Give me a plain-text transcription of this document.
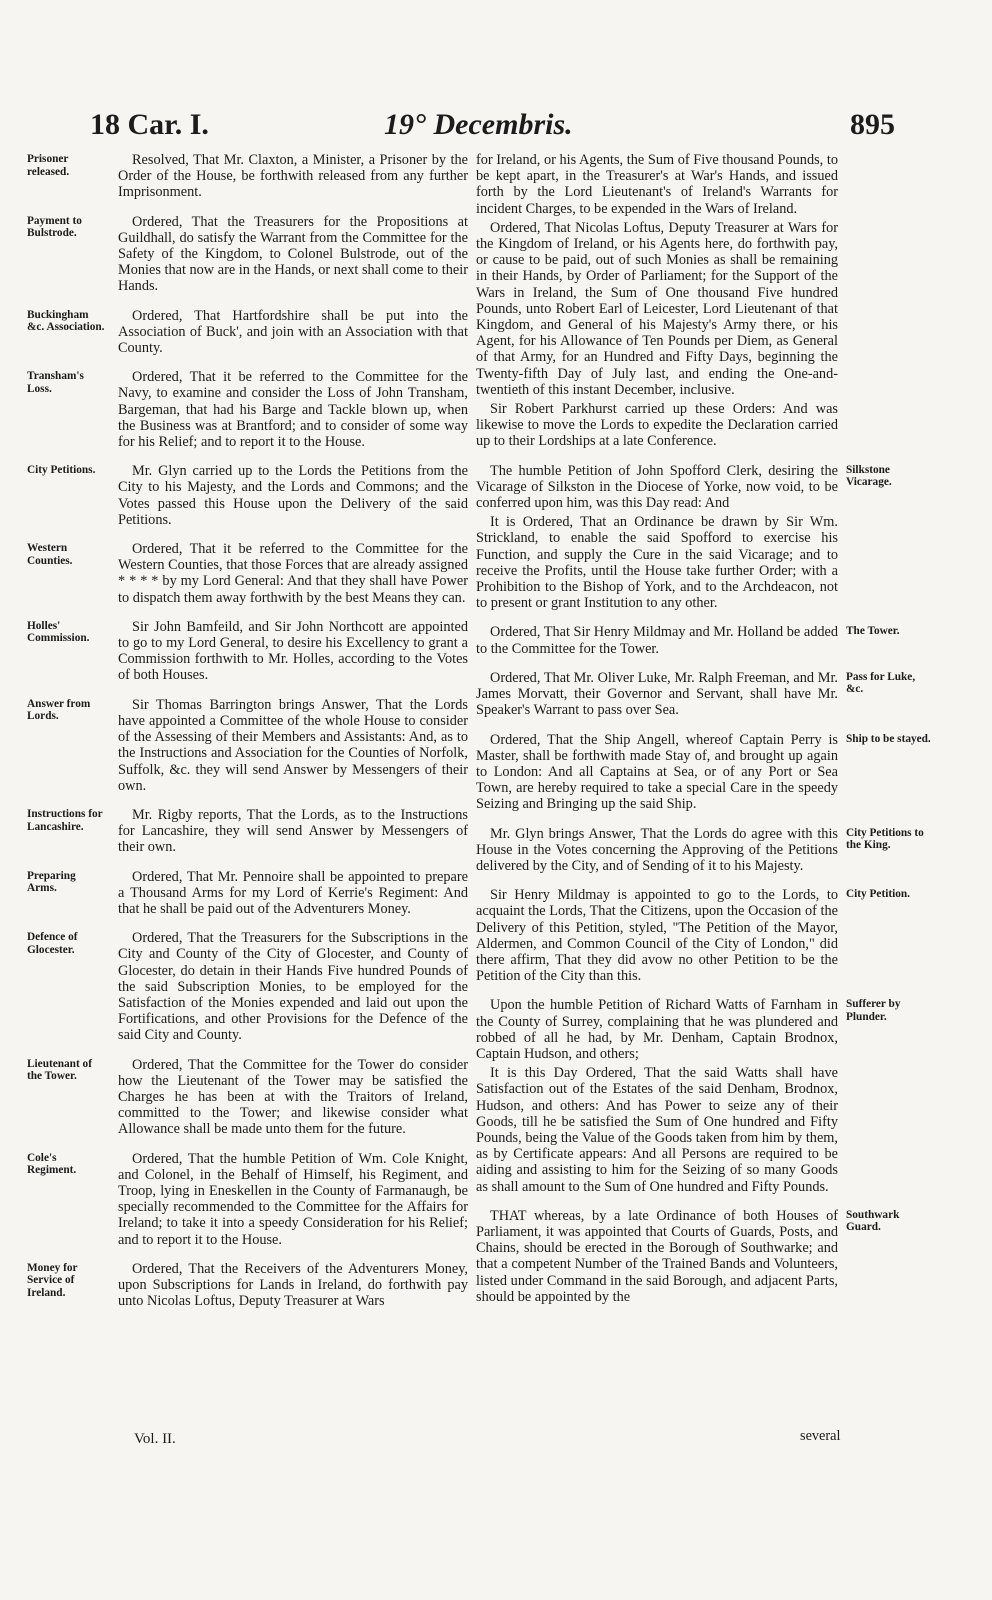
18 Car. I.	19° Decembris.	895

Resolved, That Mr. Claxton, a Minister, a Prisoner by the Order of the House, be forthwith released from any further Imprisonment.

Ordered, That the Treasurers for the Propositions at Guildhall, do satisfy the Warrant from the Committee for the Safety of the Kingdom, to Colonel Bulstrode, out of the Monies that now are in the Hands, or next shall come to their Hands.

Ordered, That Hartfordshire shall be put into the Association of Buck', and join with an Association with that County.

Ordered, That it be referred to the Committee for the Navy, to examine and consider the Loss of John Transham, Bargeman, that had his Barge and Tackle blown up, when the Business was at Brantford; and to consider of some way for his Relief; and to report it to the House.

Mr. Glyn carried up to the Lords the Petitions from the City to his Majesty, and the Lords and Commons; and the Votes passed this House upon the Delivery of the said Petitions.

Ordered, That it be referred to the Committee for the Western Counties, that those Forces that are already assigned * * * * by my Lord General: And that they shall have Power to dispatch them away forthwith by the best Means they can.

Sir John Bamfeild, and Sir John Northcott are appointed to go to my Lord General, to desire his Excellency to grant a Commission forthwith to Mr. Holles, according to the Votes of both Houses.

Sir Thomas Barrington brings Answer, That the Lords have appointed a Committee of the whole House to consider of the Assessing of their Members and Assistants: And, as to the Instructions and Association for the Counties of Norfolk, Suffolk, &c. they will send Answer by Messengers of their own.

Mr. Rigby reports, That the Lords, as to the Instructions for Lancashire, they will send Answer by Messengers of their own.

Ordered, That Mr. Pennoire shall be appointed to prepare a Thousand Arms for my Lord of Kerrie's Regiment: And that he shall be paid out of the Adventurers Money.

Ordered, That the Treasurers for the Subscriptions in the City and County of the City of Glocester, and County of Glocester, do detain in their Hands Five hundred Pounds of the said Subscription Monies, to be employed for the Satisfaction of the Monies expended and laid out upon the Fortifications, and other Provisions for the Defence of the said City and County.

Ordered, That the Committee for the Tower do consider how the Lieutenant of the Tower may be satisfied the Charges he has been at with the Traitors of Ireland, committed to the Tower; and likewise consider what Allowance shall be made unto them for the future.

Ordered, That the humble Petition of Wm. Cole Knight, and Colonel, in the Behalf of Himself, his Regiment, and Troop, lying in Eneskellen in the County of Farmanaugh, be specially recommended to the Committee for the Affairs for Ireland; to take it into a speedy Consideration for his Relief; and to report it to the House.

Ordered, That the Receivers of the Adventurers Money, upon Subscriptions for Lands in Ireland, do forthwith pay unto Nicolas Loftus, Deputy Treasurer at Wars

for Ireland, or his Agents, the Sum of Five thousand Pounds, to be kept apart, in the Treasurer's at War's Hands, and issued forth by the Lord Lieutenant's of Ireland's Warrants for incident Charges, to be expended in the Wars of Ireland.

Ordered, That Nicolas Loftus, Deputy Treasurer at Wars for the Kingdom of Ireland, or his Agents here, do forthwith pay, or cause to be paid, out of such Monies as shall be remaining in their Hands, by Order of Parliament; for the Support of the Wars in Ireland, the Sum of One thousand Five hundred Pounds, unto Robert Earl of Leicester, Lord Lieutenant of that Kingdom, and General of his Majesty's Army there, or his Agent, for his Allowance of Ten Pounds per Diem, as General of that Army, for an Hundred and Fifty Days, beginning the Twenty-fifth Day of July last, and ending the One-and-twentieth of this instant December, inclusive.

Sir Robert Parkhurst carried up these Orders: And was likewise to move the Lords to expedite the Declaration carried up to their Lordships at a late Conference.

The humble Petition of John Spofford Clerk, desiring the Vicarage of Silkston in the Diocese of Yorke, now void, to be conferred upon him, was this Day read: And

It is Ordered, That an Ordinance be drawn by Sir Wm. Strickland, to enable the said Spofford to exercise his Function, and supply the Cure in the said Vicarage; and to receive the Profits, until the House take further Order; with a Prohibition to the Bishop of York, and to the Archdeacon, not to present or grant Institution to any other.

Ordered, That Sir Henry Mildmay and Mr. Holland be added to the Committee for the Tower.

Ordered, That Mr. Oliver Luke, Mr. Ralph Freeman, and Mr. James Morvatt, their Governor and Servant, shall have Mr. Speaker's Warrant to pass over Sea.

Ordered, That the Ship Angell, whereof Captain Perry is Master, shall be forthwith made Stay of, and brought up again to London: And all Captains at Sea, or of any Port or Sea Town, are hereby required to take a special Care in the speedy Seizing and Bringing up the said Ship.

Mr. Glyn brings Answer, That the Lords do agree with this House in the Votes concerning the Approving of the Petitions delivered by the City, and of Sending of it to his Majesty.

Sir Henry Mildmay is appointed to go to the Lords, to acquaint the Lords, That the Citizens, upon the Occasion of the Delivery of this Petition, styled, "The Petition of the Mayor, Aldermen, and Common Council of the City of London," did there affirm, That they did avow no other Petition to be the Petition of the City than this.

Upon the humble Petition of Richard Watts of Farnham in the County of Surrey, complaining that he was plundered and robbed of all he had, by Mr. Denham, Captain Brodnox, Captain Hudson, and others;

It is this Day Ordered, That the said Watts shall have Satisfaction out of the Estates of the said Denham, Brodnox, Hudson, and others: And has Power to seize any of their Goods, till he be satisfied the Sum of One hundred and Fifty Pounds, being the Value of the Goods taken from him by them, as by Certificate appears: And all Persons are required to be aiding and assisting to him for the Seizing of so many Goods as shall amount to the Sum of One hundred and Fifty Pounds.

THAT whereas, by a late Ordinance of both Houses of Parliament, it was appointed that Courts of Guards, Posts, and Chains, should be erected in the Borough of Southwarke; and that a competent Number of the Trained Bands and Volunteers, listed under Command in the said Borough, and adjacent Parts, should be appointed by the

Prisoner released.
Payment to Bulstrode.
Buckingham &c. Association.
Transham's Loss.
City Petitions.
Western Counties.
Holles' Commission.
Answer from Lords.
Instructions for Lancashire.
Preparing Arms.
Defence of Glocester.
Lieutenant of the Tower.
Cole's Regiment.
Money for Service of Ireland.
Silkstone Vicarage.
The Tower.
Pass for Luke, &c.
Ship to be stayed.
City Petitions to the King.
City Petition.
Sufferer by Plunder.
Southwark Guard.
Vol. II.	several
